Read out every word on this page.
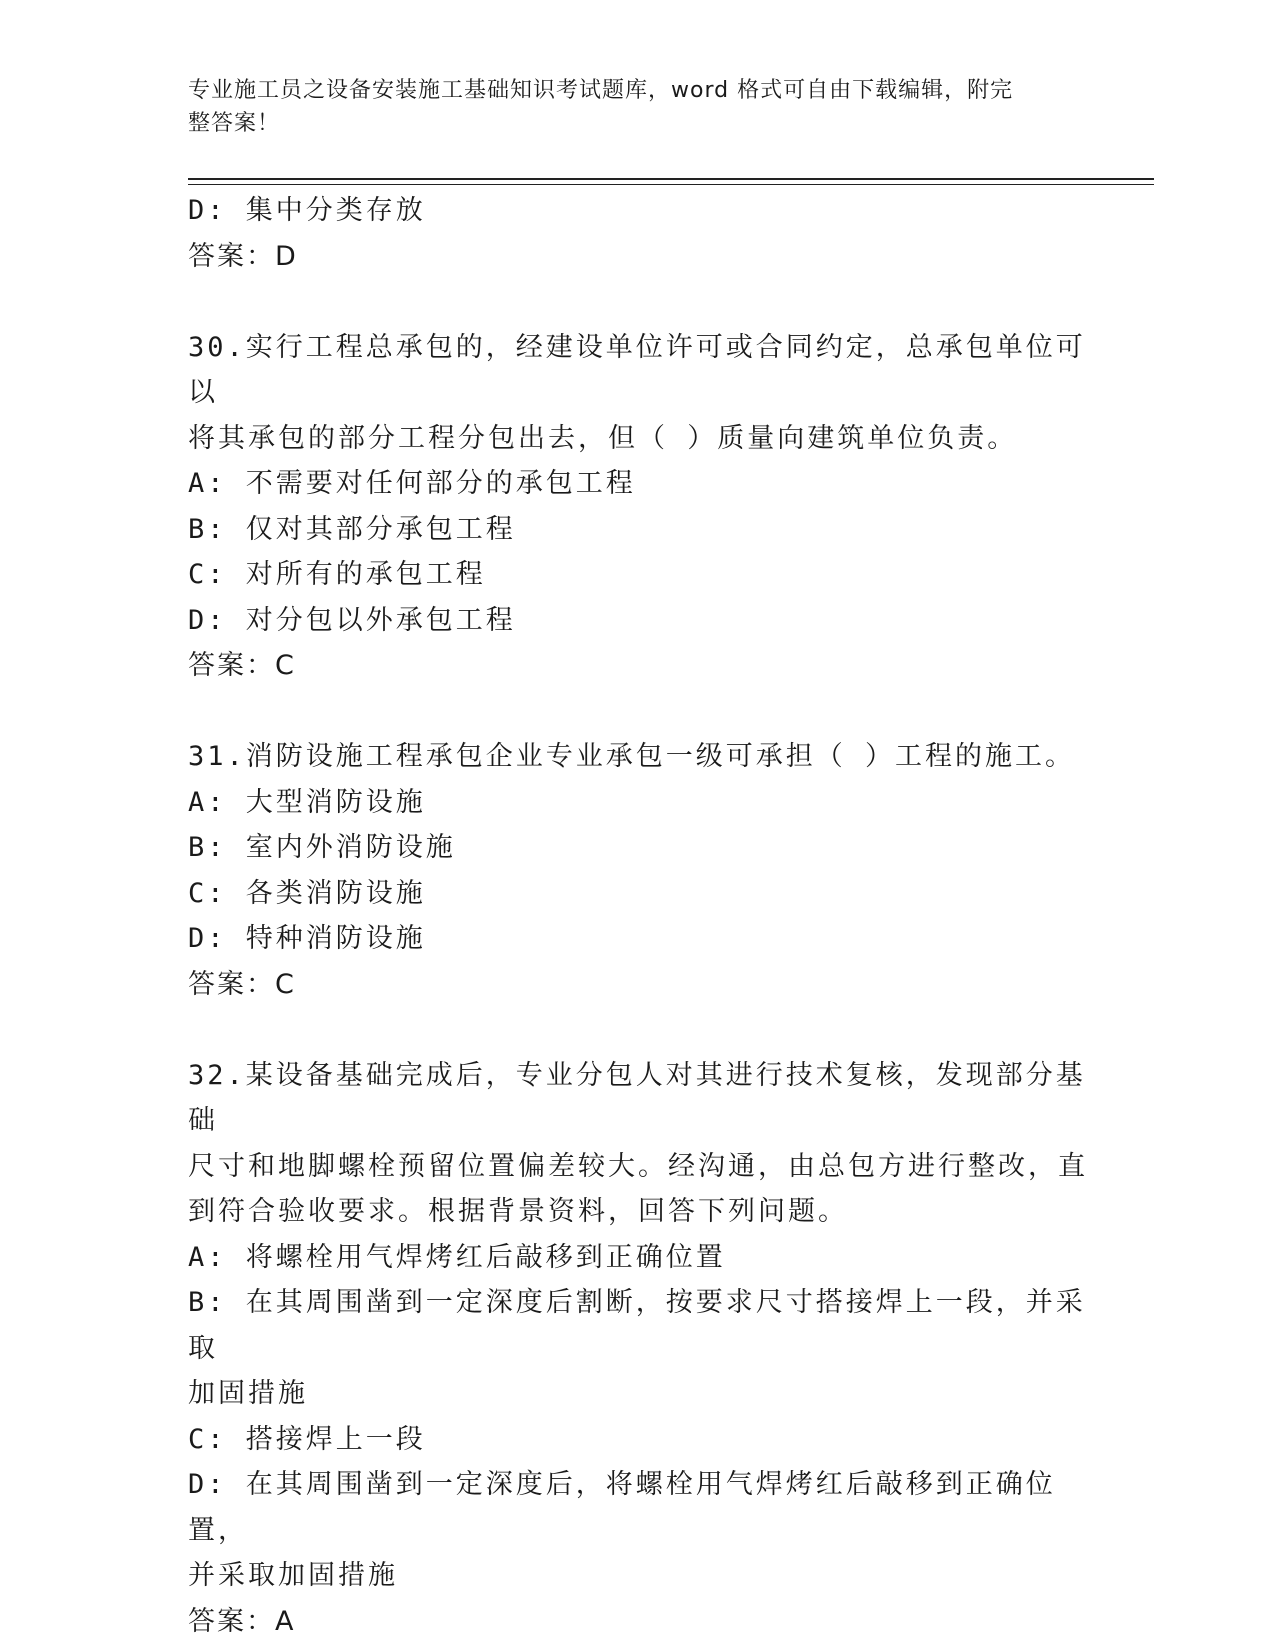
专业施工员之设备安装施工基础知识考试题库，word 格式可自由下载编辑，附完
整答案！
D: 集中分类存放
答案：D
30.实行工程总承包的，经建设单位许可或合同约定，总承包单位可以
将其承包的部分工程分包出去，但（ ）质量向建筑单位负责。
A: 不需要对任何部分的承包工程
B: 仅对其部分承包工程
C: 对所有的承包工程
D: 对分包以外承包工程
答案：C
31.消防设施工程承包企业专业承包一级可承担（ ）工程的施工。
A: 大型消防设施
B: 室内外消防设施
C: 各类消防设施
D: 特种消防设施
答案：C
32.某设备基础完成后，专业分包人对其进行技术复核，发现部分基础
尺寸和地脚螺栓预留位置偏差较大。经沟通，由总包方进行整改，直
到符合验收要求。根据背景资料，回答下列问题。
A: 将螺栓用气焊烤红后敲移到正确位置
B: 在其周围凿到一定深度后割断，按要求尺寸搭接焊上一段，并采取
加固措施
C: 搭接焊上一段
D: 在其周围凿到一定深度后，将螺栓用气焊烤红后敲移到正确位置，
并采取加固措施
答案：A
